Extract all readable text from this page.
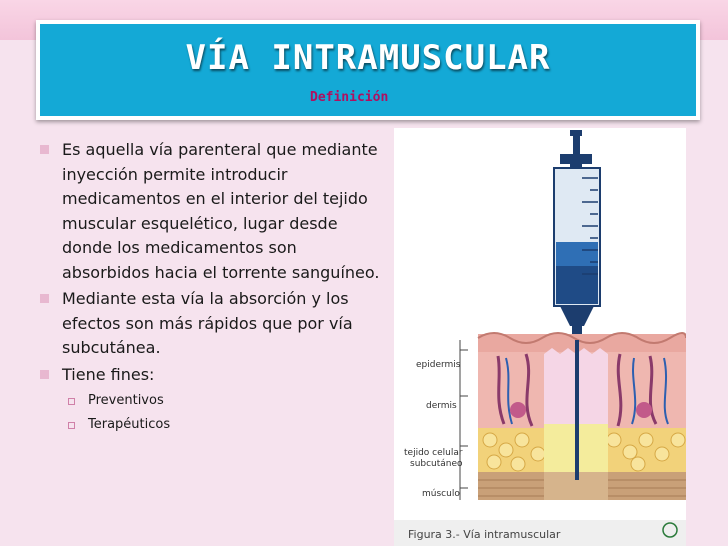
VÍA INTRAMUSCULAR
Definición
Es aquella vía parenteral que mediante inyección permite introducir medicamentos en el interior del tejido muscular esquelético, lugar desde donde los medicamentos son absorbidos hacia el torrente sanguíneo.
Mediante esta vía la absorción y los efectos son más rápidos que por vía subcutánea.
Tiene fines:
Preventivos
Terapéuticos
epidermis
dermis
tejido celular
subcutáneo
músculo
Figura 3.- Vía intramuscular
